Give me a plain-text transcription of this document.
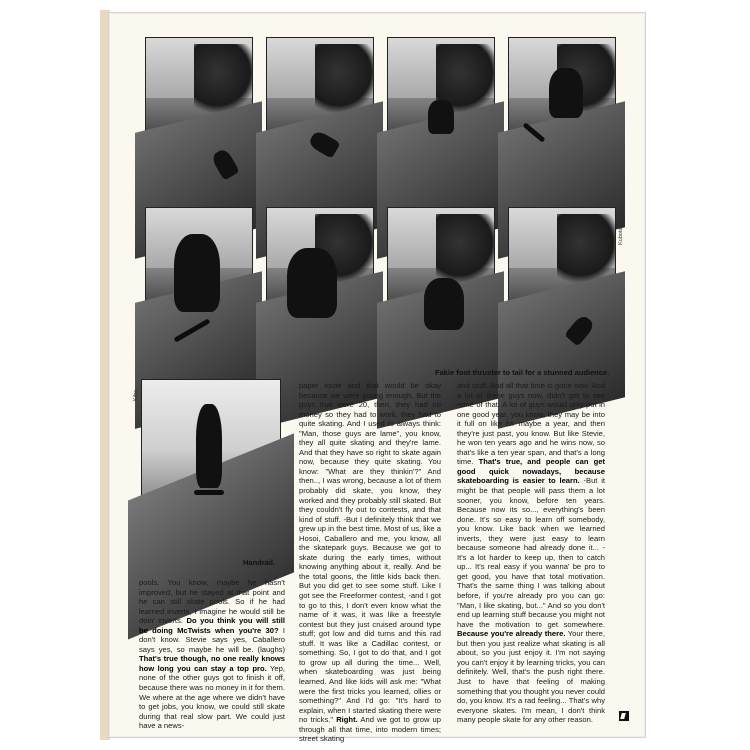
Kubota
Fakie foot thruster to tail for a stunned audience.
Kiba
Handrail.

pools. You know, maybe he hasn't improved, but he stayed at that point and he can still skate pools. So if he had learned inverts, I imagine he would still be doin' inverts. Do you think you will still be doing McTwists when you're 30? I don't know. Stevie says yes, Caballero says yes, so maybe he will be. (laughs) That's true though, no one really knows how long you can stay a top pro. Yep, none of the other guys got to finish it off, because there was no money in it for them. We where at the age where we didn't have to get jobs, you know, we could still skate during that real slow part. We could just have a news-

paper route and that would be okay because we were young enough. But the guys that were 20, then, they had no money so they had to work, they had to quite skating. And I used to always think: "Man, those guys are lame", you know, they all quite skating and they're lame. And that they have so right to skate again now, because they quite skating. You know: "What are they thinkin'?" And then.., I was wrong, because a lot of them probably did skate, you know, they worked and they probably still skated. But they couldn't fly out to contests, and that kind of stuff. -But I definitely think that we grew up in the best time. Most of us, like a Hosoi, Caballero and me, you know, all the skatepark guys. Because we got to skate during the early times, without knowing anything about it, really. And be the total goons, the little kids back then. But you did get to see some stuff. Like I got see the Freeformer contest, -and I got to go to this, I don't even know what the name of it was, it was like a freestyle contest but they just cruised around type stuff; got low and did turns and this rad stuff. It was like a Cadillac contest, or something. So, I got to do that, and I got to grow up all during the time... Well, when skateboarding was just being learned. And like kids will ask me: "What were the first tricks you learned, ollies or something?" And I'd go: "It's hard to explain, when I started skating there were no tricks." Right. And we got to grow up through all that time, into modern times; street skating

and stuff. And all that time is gone now. And a lot of these guys now, didn't get to see none of that. A lot of guys would only put in one good year, you know, they may be into it full on like for maybe a year, and then they're just past, you know. But like Stevie, he won ten years ago and he wins now, so that's like a ten year span, and that's a long time. That's true, and people can get good quick nowadays, because skateboarding is easier to learn. -But it might be that people will pass them a lot sooner, you know, before ten years. Because now its so..., everything's been done. It's so easy to learn off somebody, you know. Like back when we learned inverts, they were just easy to learn because someone had already done it... -It's a lot harder to keep up, then to catch up... It's real easy if you wanna' be pro to get good, you have that total motivation. That's the same thing I was talking about before, if you're already pro you can go: "Man, I like skating, but..." And so you don't end up learning stuff because you might not have the motivation to get somewhere. Because you're already there. Your there, but then you just realize what skating is all about, so you just enjoy it. I'm not saying you can't enjoy it by learning tricks, you can definitely. Well, that's the push right there. Just to have that feeling of making something that you thought you never could do, you know. It's a rad feeling... That's why everyone skates. I'm mean, I don't think many people skate for any other reason.
